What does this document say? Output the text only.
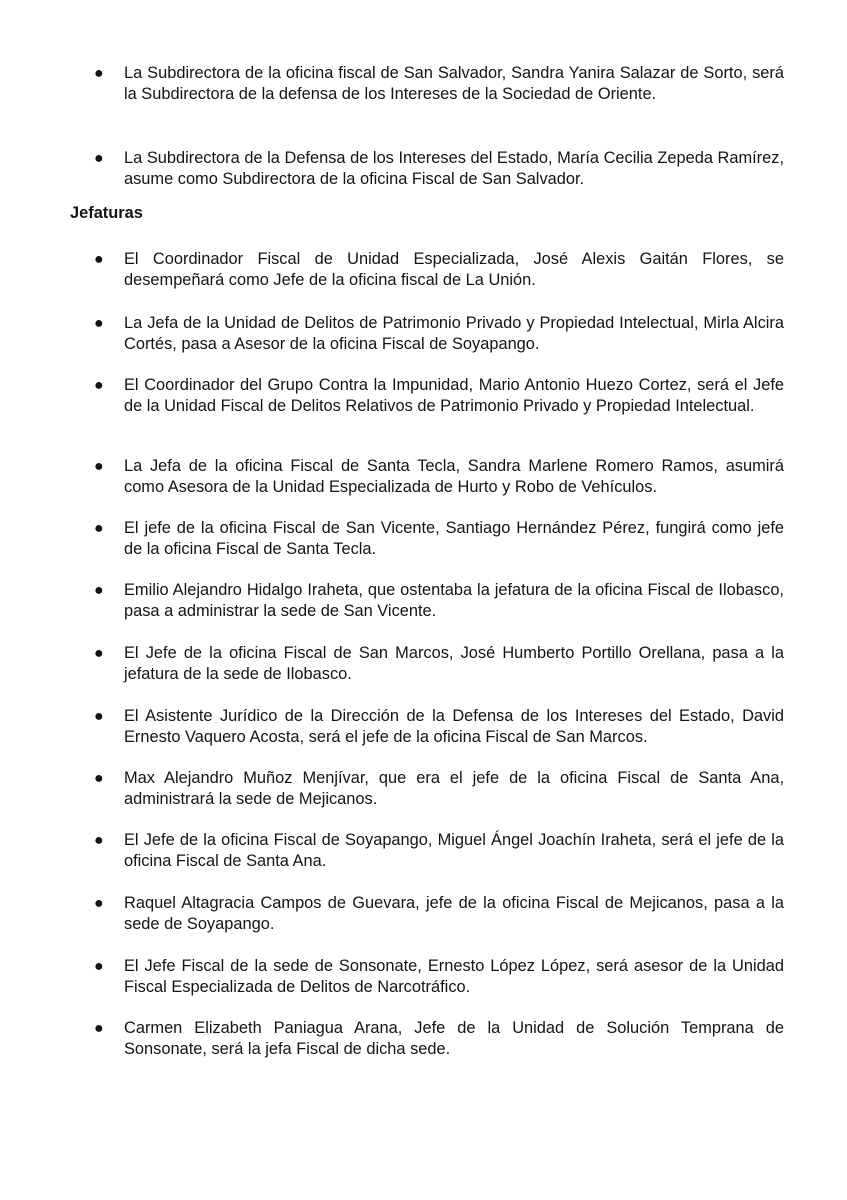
● La Subdirectora de la oficina fiscal de San Salvador, Sandra Yanira Salazar de Sorto, será la Subdirectora de la defensa de los Intereses de la Sociedad de Oriente.

● La Subdirectora de la Defensa de los Intereses del Estado, María Cecilia Zepeda Ramírez, asume como Subdirectora de la oficina Fiscal de San Salvador.

Jefaturas

● El Coordinador Fiscal de Unidad Especializada, José Alexis Gaitán Flores, se desempeñará como Jefe de la oficina fiscal de La Unión.

● La Jefa de la Unidad de Delitos de Patrimonio Privado y Propiedad Intelectual, Mirla Alcira Cortés, pasa a Asesor de la oficina Fiscal de Soyapango.

● El Coordinador del Grupo Contra la Impunidad, Mario Antonio Huezo Cortez, será el Jefe de la Unidad Fiscal de Delitos Relativos de Patrimonio Privado y Propiedad Intelectual.

● La Jefa de la oficina Fiscal de Santa Tecla, Sandra Marlene Romero Ramos, asumirá como Asesora de la Unidad Especializada de Hurto y Robo de Vehículos.

● El jefe de la oficina Fiscal de San Vicente, Santiago Hernández Pérez, fungirá como jefe de la oficina Fiscal de Santa Tecla.

● Emilio Alejandro Hidalgo Iraheta, que ostentaba la jefatura de la oficina Fiscal de Ilobasco, pasa a administrar la sede de San Vicente.

● El Jefe de la oficina Fiscal de San Marcos, José Humberto Portillo Orellana, pasa a la jefatura de la sede de Ilobasco.

● El Asistente Jurídico de la Dirección de la Defensa de los Intereses del Estado, David Ernesto Vaquero Acosta, será el jefe de la oficina Fiscal de San Marcos.

● Max Alejandro Muñoz Menjívar, que era el jefe de la oficina Fiscal de Santa Ana, administrará la sede de Mejicanos.

● El Jefe de la oficina Fiscal de Soyapango, Miguel Ángel Joachín Iraheta, será el jefe de la oficina Fiscal de Santa Ana.

● Raquel Altagracia Campos de Guevara, jefe de la oficina Fiscal de Mejicanos, pasa a la sede de Soyapango.

● El Jefe Fiscal de la sede de Sonsonate, Ernesto López López, será asesor de la Unidad Fiscal Especializada de Delitos de Narcotráfico.

● Carmen Elizabeth Paniagua Arana, Jefe de la Unidad de Solución Temprana de Sonsonate, será la jefa Fiscal de dicha sede.
